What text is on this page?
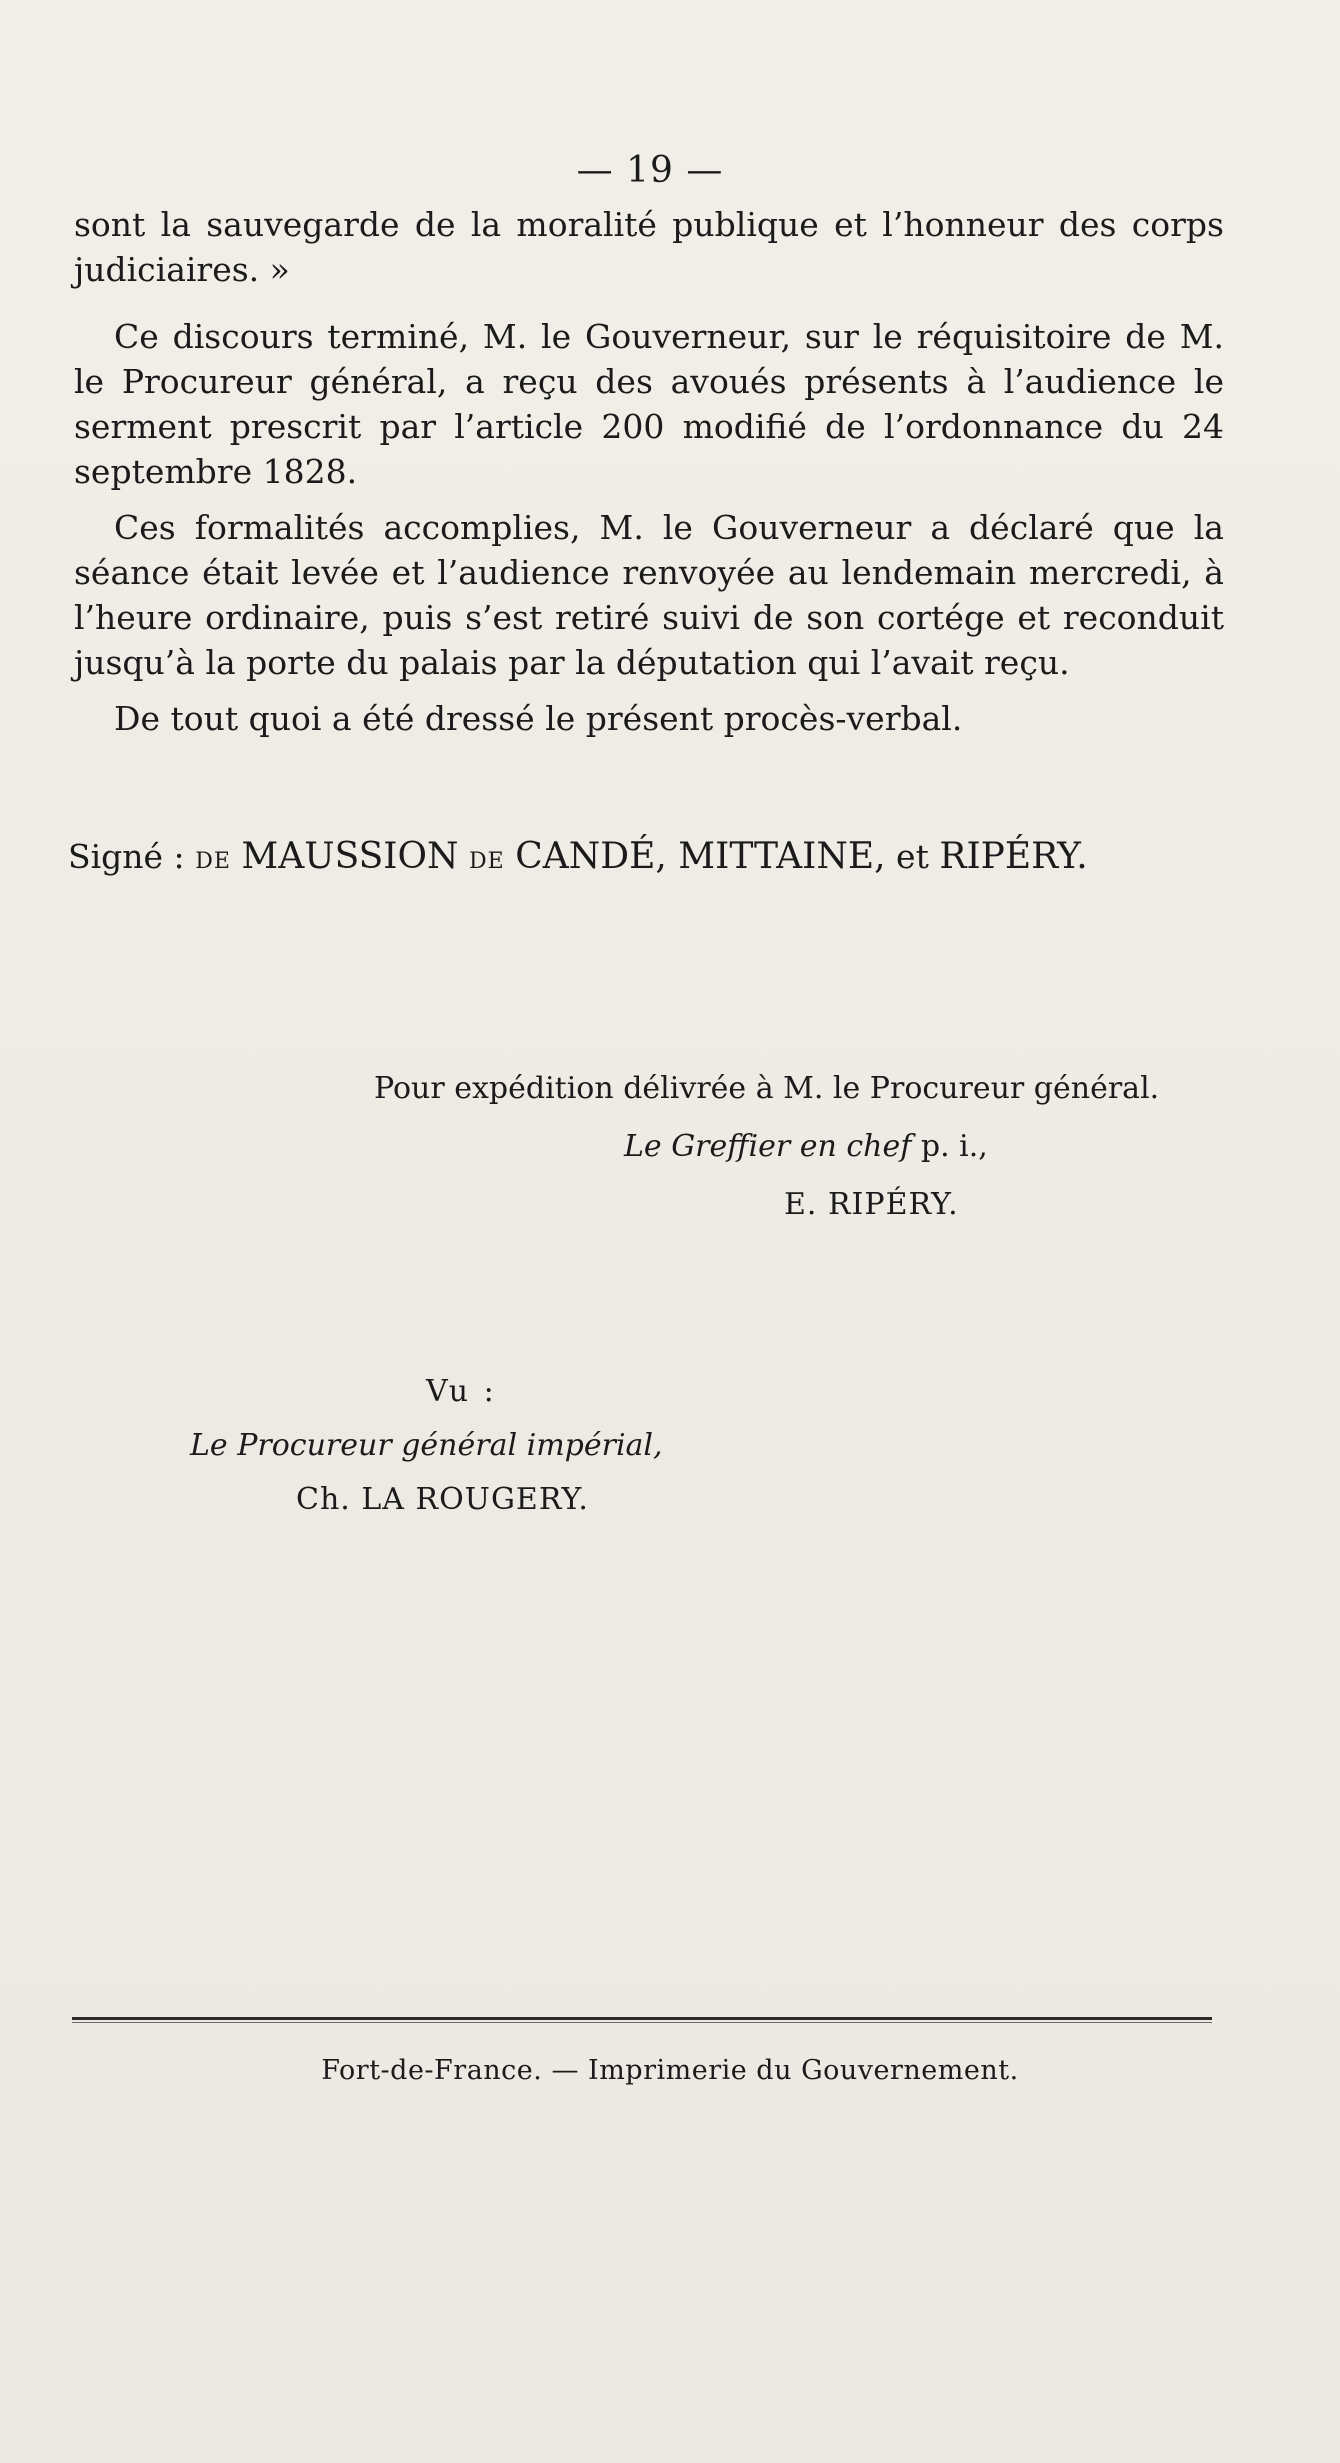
— 19 —

sont la sauvegarde de la moralité publique et l’honneur des corps judiciaires. »

Ce discours terminé, M. le Gouverneur, sur le réquisitoire de M. le Procureur général, a reçu des avoués présents à l’audience le serment prescrit par l’article 200 modifié de l’ordonnance du 24 septembre 1828.

Ces formalités accomplies, M. le Gouverneur a déclaré que la séance était levée et l’audience renvoyée au lendemain mercredi, à l’heure ordinaire, puis s’est retiré suivi de son cortége et reconduit jusqu’à la porte du palais par la députation qui l’avait reçu.

De tout quoi a été dressé le présent procès-verbal.

Signé : DE MAUSSION DE CANDÉ, MITTAINE, et RIPÉRY.
Pour expédition délivrée à M. le Procureur général.
Le Greffier en chef p. i.,
E. RIPÉRY.
Vu :
Le Procureur général impérial,
Ch. LA ROUGERY.
Fort-de-France. — Imprimerie du Gouvernement.
